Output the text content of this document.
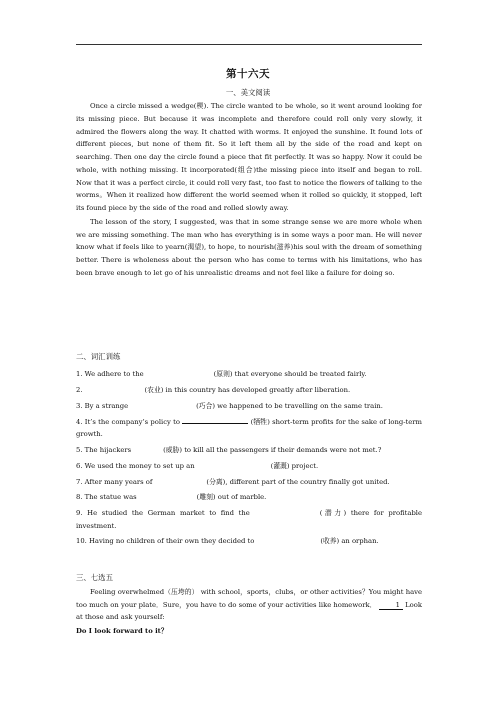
第十六天
一、美文阅读

Once a circle missed a wedge(楔). The circle wanted to be whole, so it went around looking for its missing piece. But because it was incomplete and therefore could roll only very slowly, it admired the flowers along the way. It chatted with worms. It enjoyed the sunshine. It found lots of different pieces, but none of them fit. So it left them all by the side of the road and kept on searching. Then one day the circle found a piece that fit perfectly. It was so happy. Now it could be whole, with nothing missing. It incorporated(组合)the missing piece into itself and began to roll. Now that it was a perfect circle, it could roll very fast, too fast to notice the flowers of talking to the worms。When it realized how different the world seemed when it rolled so quickly, it stopped, left its found piece by the side of the road and rolled slowly away.

The lesson of the story, I suggested, was that in some strange sense we are more whole when we are missing something. The man who has everything is in some ways a poor man. He will never know what if feels like to yearn(渴望), to hope, to nourish(滋养)his soul with the dream of something better. There is wholeness about the person who has come to terms with his limitations, who has been brave enough to let go of his unrealistic dreams and not feel like a failure for doing so.

二、词汇训练

1. We adhere to the	(原则) that everyone should be treated fairly.

2.	(农业) in this country has developed greatly after liberation.

3. By a strange	(巧合) we happened to be travelling on the same train.

4. It’s the company’s policy to	(牺牲) short-term profits for the sake of long-term growth.

5. The hijackers	(威胁) to kill all the passengers if their demands were not met.?

6. We used the money to set up an	(灌溉) project.

7. After many years of	(分离), different part of the country finally got united.

8. The statue was	(雕刻) out of marble.

9. He studied the German market to find the	(潜力) there for profitable investment.

10. Having no children of their own they decided to	(收养) an orphan.

三、七选五

Feeling overwhelmed（压垮的） with school，sports，clubs，or other activities？You might have too much on your plate．Sure，you have to do some of your activities like homework．	1 Look at those and ask yourself:

Do I look forward to it？
